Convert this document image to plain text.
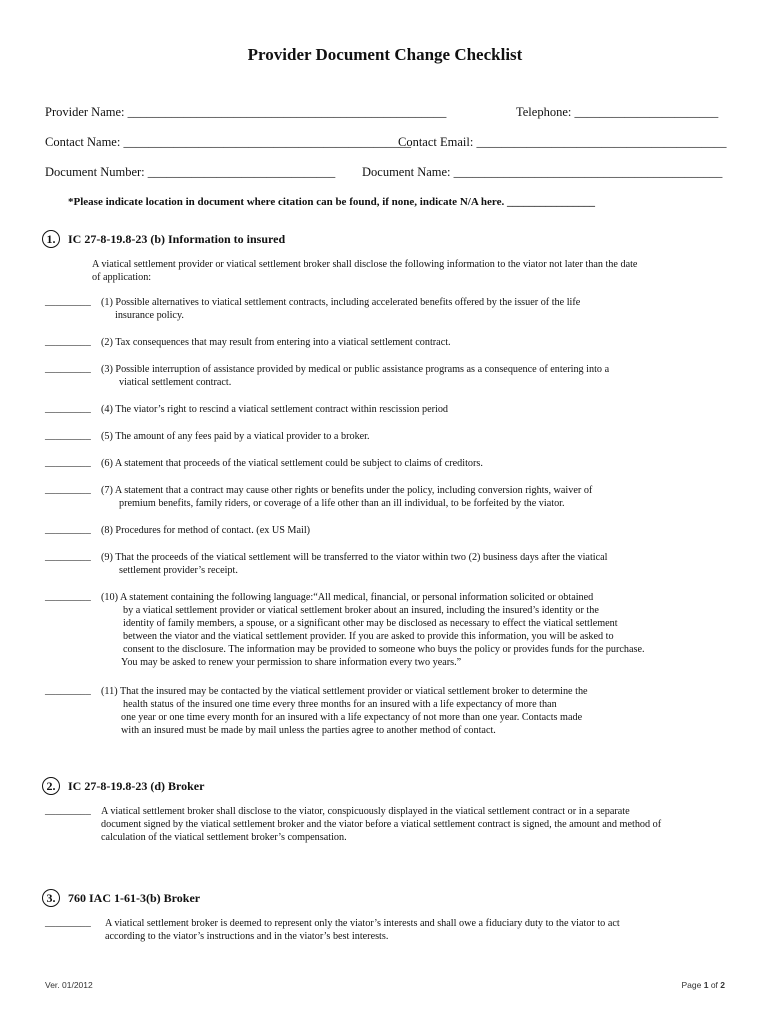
Provider Document Change Checklist
Provider Name: ___________________________________________________	Telephone: _______________________
Contact Name: ______________________________________________
Contact Email: ________________________________________
Document Number: ______________________________ Document Name: ___________________________________________
*Please indicate location in document where citation can be found, if none, indicate N/A here. ________________
1. IC 27-8-19.8-23 (b) Information to insured
A viatical settlement provider or viatical settlement broker shall disclose the following information to the viator not later than the date
of application:
_________ (1) Possible alternatives to viatical settlement contracts, including accelerated benefits offered by the issuer of the life
insurance policy.
_________ (2) Tax consequences that may result from entering into a viatical settlement contract.
_________ (3) Possible interruption of assistance provided by medical or public assistance programs as a consequence of entering into a
viatical settlement contract.
_________ (4) The viator’s right to rescind a viatical settlement contract within rescission period
_________ (5) The amount of any fees paid by a viatical provider to a broker.
_________ (6) A statement that proceeds of the viatical settlement could be subject to claims of creditors.
_________ (7) A statement that a contract may cause other rights or benefits under the policy, including conversion rights, waiver of
premium benefits, family riders, or coverage of a life other than an ill individual, to be forfeited by the viator.
_________ (8) Procedures for method of contact. (ex US Mail)
_________ (9) That the proceeds of the viatical settlement will be transferred to the viator within two (2) business days after the viatical
settlement provider’s receipt.
_________ (10) A statement containing the following language:“All medical, financial, or personal information solicited or obtained
by a viatical settlement provider or viatical settlement broker about an insured, including the insured’s identity or the
identity of family members, a spouse, or a significant other may be disclosed as necessary to effect the viatical settlement
between the viator and the viatical settlement provider. If you are asked to provide this information, you will be asked to
consent to the disclosure. The information may be provided to someone who buys the policy or provides funds for the purchase.
You may be asked to renew your permission to share information every two years.”
_________ (11) That the insured may be contacted by the viatical settlement provider or viatical settlement broker to determine the
health status of the insured one time every three months for an insured with a life expectancy of more than
one year or one time every month for an insured with a life expectancy of not more than one year. Contacts made
with an insured must be made by mail unless the parties agree to another method of contact.
2. IC 27-8-19.8-23 (d) Broker
_________ A viatical settlement broker shall disclose to the viator, conspicuously displayed in the viatical settlement contract or in a separate
document signed by the viatical settlement broker and the viator before a viatical settlement contract is signed, the amount and method of
calculation of the viatical settlement broker’s compensation.
3. 760 IAC 1-61-3(b) Broker
_________ A viatical settlement broker is deemed to represent only the viator’s interests and shall owe a fiduciary duty to the viator to act
according to the viator’s instructions and in the viator’s best interests.
Ver. 01/2012	Page 1 of 2
